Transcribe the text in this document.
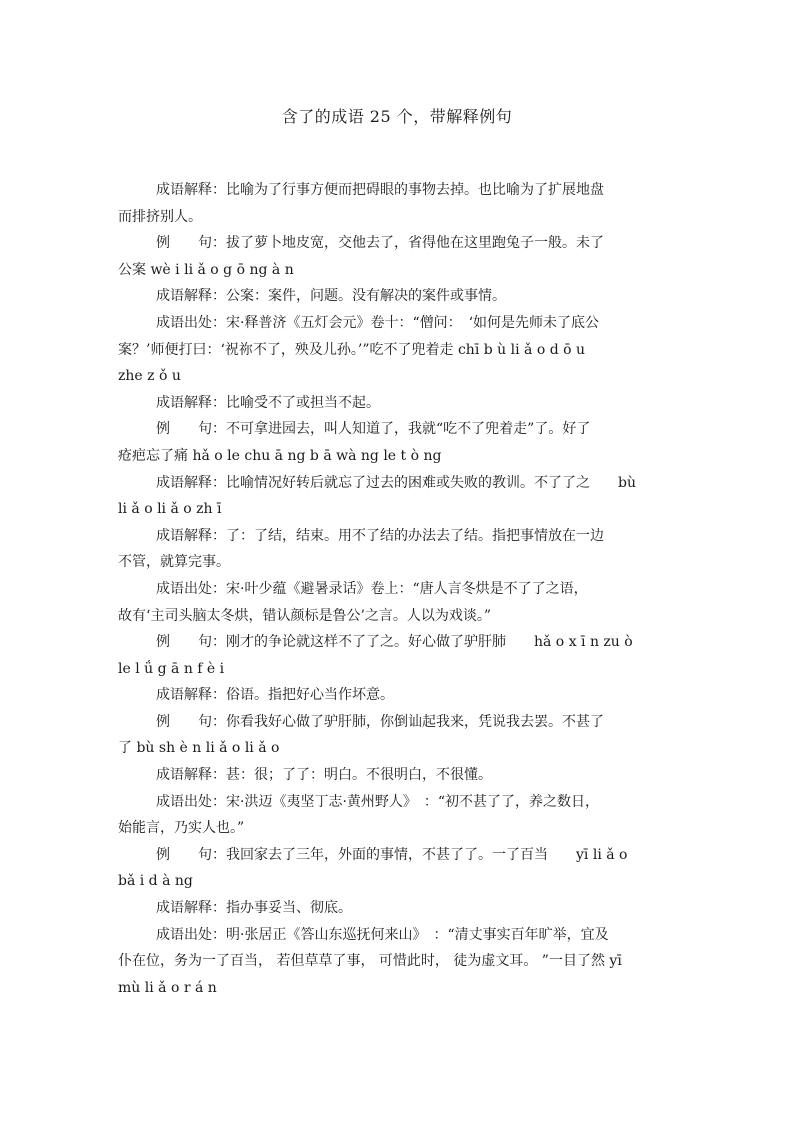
含了的成语 25 个，带解释例句
成语解释：比喻为了行事方便而把碍眼的事物去掉。也比喻为了扩展地盘
而排挤别人。
例　　句：拔了萝卜地皮宽，交他去了，省得他在这里跑兔子一般。未了
公案 wè i li ǎ o g ō ng à n
成语解释：公案：案件，问题。没有解决的案件或事情。
成语出处：宋·释普济《五灯会元》卷十：“僧问：　‘如何是先师未了底公
案？’师便打曰：‘祝祢不了，殃及儿孙。’”吃不了兜着走 chī b ù li ǎ o d ō u
zhe z ǒ u
成语解释：比喻受不了或担当不起。
例　　句：不可拿进园去，叫人知道了，我就“吃不了兜着走”了。好了
疮疤忘了痛 hǎ o le chu ā ng b ā wà ng le t ò ng
成语解释：比喻情况好转后就忘了过去的困难或失败的教训。不了了之　　bù
li ǎ o li ǎ o zh ī
成语解释：了：了结，结束。用不了结的办法去了结。指把事情放在一边
不管，就算完事。
成语出处：宋·叶少蕴《避暑录话》卷上：“唐人言冬烘是不了了之语，
故有‘主司头脑太冬烘，错认颜标是鲁公’之言。人以为戏谈。”
例　　句：刚才的争论就这样不了了之。好心做了驴肝肺　　hǎ o x ī n zu ò
le l ǘ g ā n f è i
成语解释：俗语。指把好心当作坏意。
例　　句：你看我好心做了驴肝肺，你倒讪起我来，凭说我去罢。不甚了
了 bù sh è n li ǎ o li ǎ o
成语解释：甚：很；了了：明白。不很明白，不很懂。
成语出处：宋·洪迈《夷坚丁志·黄州野人》　：“初不甚了了，养之数日，
始能言，乃实人也。”
例　　句：我回家去了三年，外面的事情，不甚了了。一了百当　　yī li ǎ o
bǎ i d à ng
成语解释：指办事妥当、彻底。
成语出处：明·张居正《答山东巡抚何来山》　：“清丈事实百年旷举，宜及
仆在位，务为一了百当， 若但草草了事， 可惜此时， 徒为虚文耳。 ”一目了然 yī
mù li ǎ o r á n
